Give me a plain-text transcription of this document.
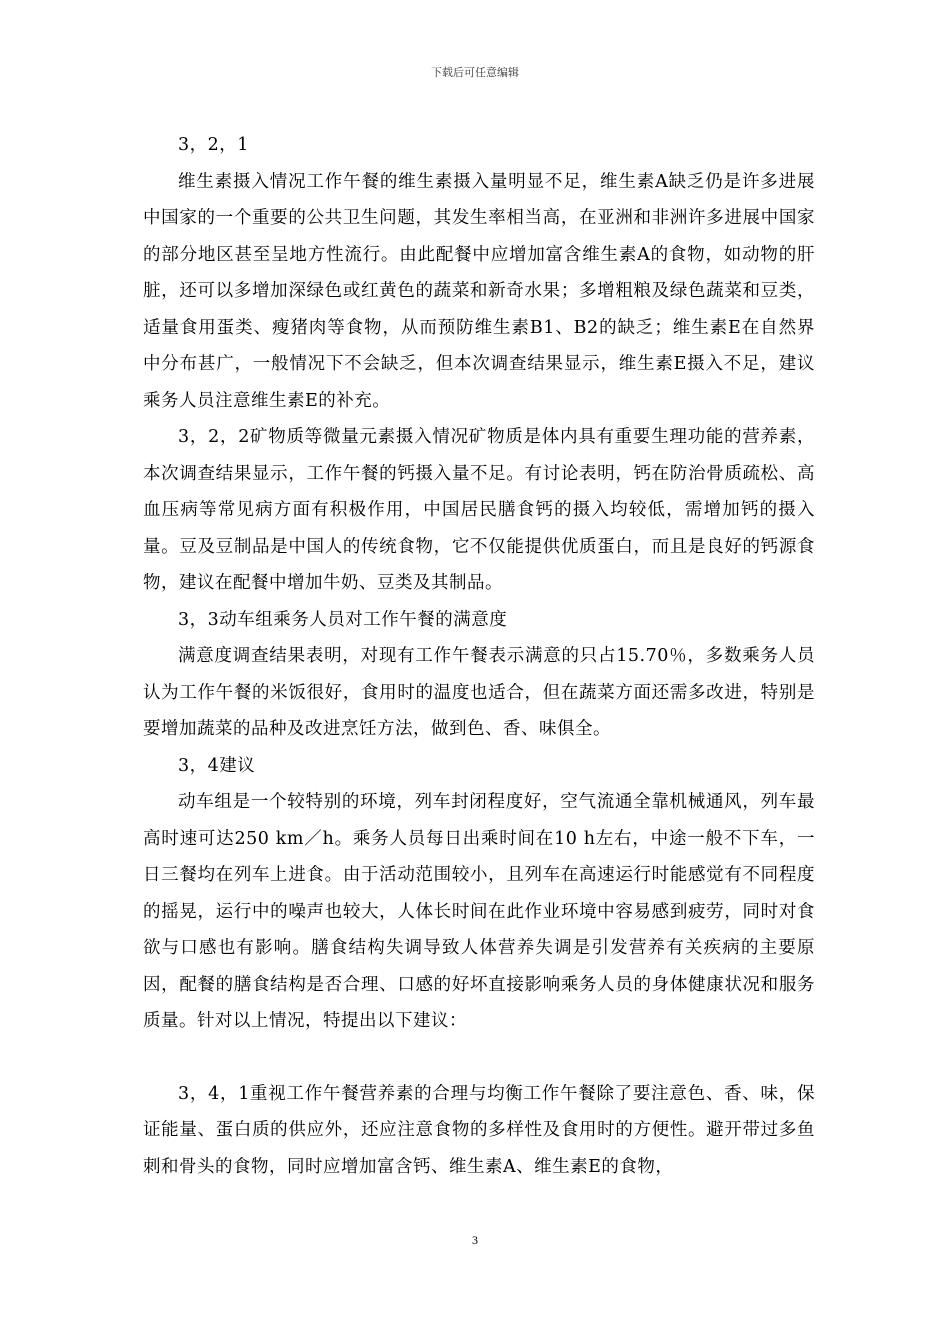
下载后可任意编辑

3，2，1

维生素摄入情况工作午餐的维生素摄入量明显不足，维生素A缺乏仍是许多进展中国家的一个重要的公共卫生问题，其发生率相当高，在亚洲和非洲许多进展中国家的部分地区甚至呈地方性流行。由此配餐中应增加富含维生素A的食物，如动物的肝脏，还可以多增加深绿色或红黄色的蔬菜和新奇水果；多增粗粮及绿色蔬菜和豆类，适量食用蛋类、瘦猪肉等食物，从而预防维生素B1、B2的缺乏；维生素E在自然界中分布甚广，一般情况下不会缺乏，但本次调查结果显示，维生素E摄入不足，建议乘务人员注意维生素E的补充。

3，2，2矿物质等微量元素摄入情况矿物质是体内具有重要生理功能的营养素，本次调查结果显示，工作午餐的钙摄入量不足。有讨论表明，钙在防治骨质疏松、高血压病等常见病方面有积极作用，中国居民膳食钙的摄入均较低，需增加钙的摄入量。豆及豆制品是中国人的传统食物，它不仅能提供优质蛋白，而且是良好的钙源食物，建议在配餐中增加牛奶、豆类及其制品。

3，3动车组乘务人员对工作午餐的满意度

满意度调查结果表明，对现有工作午餐表示满意的只占15.70％，多数乘务人员认为工作午餐的米饭很好，食用时的温度也适合，但在蔬菜方面还需多改进，特别是要增加蔬菜的品种及改进烹饪方法，做到色、香、味俱全。

3，4建议

动车组是一个较特别的环境，列车封闭程度好，空气流通全靠机械通风，列车最高时速可达250 km／h。乘务人员每日出乘时间在10 h左右，中途一般不下车，一日三餐均在列车上进食。由于活动范围较小，且列车在高速运行时能感觉有不同程度的摇晃，运行中的噪声也较大，人体长时间在此作业环境中容易感到疲劳，同时对食欲与口感也有影响。膳食结构失调导致人体营养失调是引发营养有关疾病的主要原因，配餐的膳食结构是否合理、口感的好坏直接影响乘务人员的身体健康状况和服务质量。针对以上情况，特提出以下建议：

3，4，1重视工作午餐营养素的合理与均衡工作午餐除了要注意色、香、味，保证能量、蛋白质的供应外，还应注意食物的多样性及食用时的方便性。避开带过多鱼刺和骨头的食物，同时应增加富含钙、维生素A、维生素E的食物，

3
